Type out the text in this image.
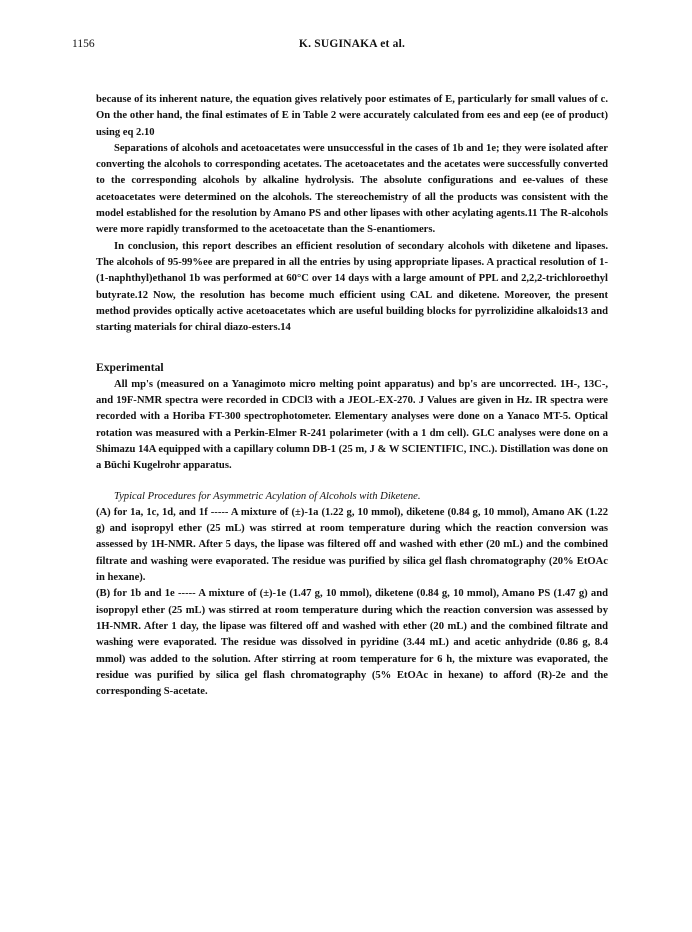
1156	K. SUGINAKA et al.

because of its inherent nature, the equation gives relatively poor estimates of E, particularly for small values of c. On the other hand, the final estimates of E in Table 2 were accurately calculated from ees and eep (ee of product) using eq 2.10

Separations of alcohols and acetoacetates were unsuccessful in the cases of 1b and 1e; they were isolated after converting the alcohols to corresponding acetates. The acetoacetates and the acetates were successfully converted to the corresponding alcohols by alkaline hydrolysis. The absolute configurations and ee-values of these acetoacetates were determined on the alcohols. The stereochemistry of all the products was consistent with the model established for the resolution by Amano PS and other lipases with other acylating agents.11 The R-alcohols were more rapidly transformed to the acetoacetate than the S-enantiomers.

In conclusion, this report describes an efficient resolution of secondary alcohols with diketene and lipases. The alcohols of 95-99%ee are prepared in all the entries by using appropriate lipases. A practical resolution of 1-(1-naphthyl)ethanol 1b was performed at 60°C over 14 days with a large amount of PPL and 2,2,2-trichloroethyl butyrate.12 Now, the resolution has become much efficient using CAL and diketene. Moreover, the present method provides optically active acetoacetates which are useful building blocks for pyrrolizidine alkaloids13 and starting materials for chiral diazo-esters.14

Experimental

All mp's (measured on a Yanagimoto micro melting point apparatus) and bp's are uncorrected. 1H-, 13C-, and 19F-NMR spectra were recorded in CDCl3 with a JEOL-EX-270. J Values are given in Hz. IR spectra were recorded with a Horiba FT-300 spectrophotometer. Elementary analyses were done on a Yanaco MT-5. Optical rotation was measured with a Perkin-Elmer R-241 polarimeter (with a 1 dm cell). GLC analyses were done on a Shimazu 14A equipped with a capillary column DB-1 (25 m, J & W SCIENTIFIC, INC.). Distillation was done on a Büchi Kugelrohr apparatus.

Typical Procedures for Asymmetric Acylation of Alcohols with Diketene.

(A) for 1a, 1c, 1d, and 1f ----- A mixture of (±)-1a (1.22 g, 10 mmol), diketene (0.84 g, 10 mmol), Amano AK (1.22 g) and isopropyl ether (25 mL) was stirred at room temperature during which the reaction conversion was assessed by 1H-NMR. After 5 days, the lipase was filtered off and washed with ether (20 mL) and the combined filtrate and washing were evaporated. The residue was purified by silica gel flash chromatography (20% EtOAc in hexane).

(B) for 1b and 1e ----- A mixture of (±)-1e (1.47 g, 10 mmol), diketene (0.84 g, 10 mmol), Amano PS (1.47 g) and isopropyl ether (25 mL) was stirred at room temperature during which the reaction conversion was assessed by 1H-NMR. After 1 day, the lipase was filtered off and washed with ether (20 mL) and the combined filtrate and washing were evaporated. The residue was dissolved in pyridine (3.44 mL) and acetic anhydride (0.86 g, 8.4 mmol) was added to the solution. After stirring at room temperature for 6 h, the mixture was evaporated, the residue was purified by silica gel flash chromatography (5% EtOAc in hexane) to afford (R)-2e and the corresponding S-acetate.
